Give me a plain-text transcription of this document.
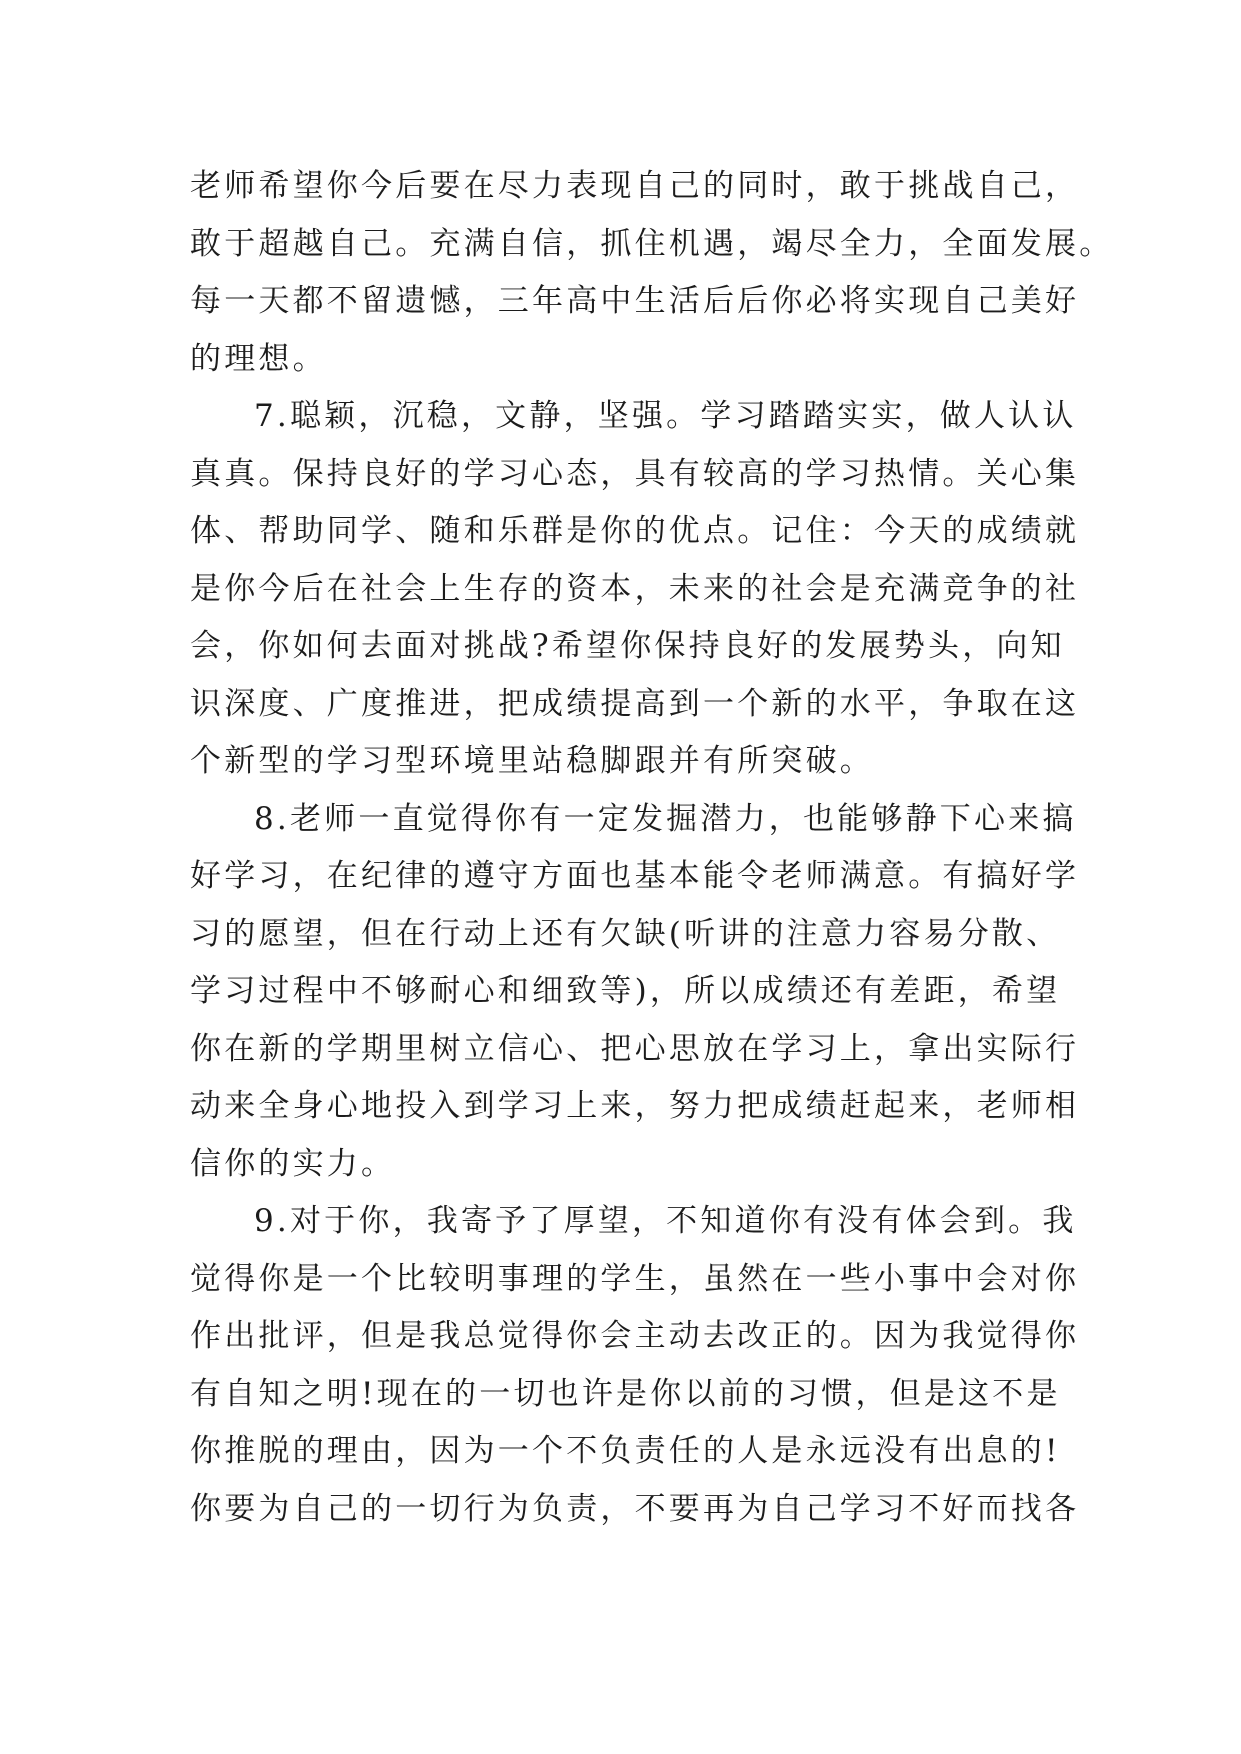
老师希望你今后要在尽力表现自己的同时，敢于挑战自己，
敢于超越自己。充满自信，抓住机遇，竭尽全力，全面发展。
每一天都不留遗憾，三年高中生活后后你必将实现自己美好
的理想。
7.聪颖，沉稳，文静，坚强。学习踏踏实实，做人认认
真真。保持良好的学习心态，具有较高的学习热情。关心集
体、帮助同学、随和乐群是你的优点。记住：今天的成绩就
是你今后在社会上生存的资本，未来的社会是充满竞争的社
会，你如何去面对挑战?希望你保持良好的发展势头，向知
识深度、广度推进，把成绩提高到一个新的水平，争取在这
个新型的学习型环境里站稳脚跟并有所突破。
8.老师一直觉得你有一定发掘潜力，也能够静下心来搞
好学习，在纪律的遵守方面也基本能令老师满意。有搞好学
习的愿望，但在行动上还有欠缺(听讲的注意力容易分散、
学习过程中不够耐心和细致等)，所以成绩还有差距，希望
你在新的学期里树立信心、把心思放在学习上，拿出实际行
动来全身心地投入到学习上来，努力把成绩赶起来，老师相
信你的实力。
9.对于你，我寄予了厚望，不知道你有没有体会到。我
觉得你是一个比较明事理的学生，虽然在一些小事中会对你
作出批评，但是我总觉得你会主动去改正的。因为我觉得你
有自知之明!现在的一切也许是你以前的习惯，但是这不是
你推脱的理由，因为一个不负责任的人是永远没有出息的!
你要为自己的一切行为负责，不要再为自己学习不好而找各
